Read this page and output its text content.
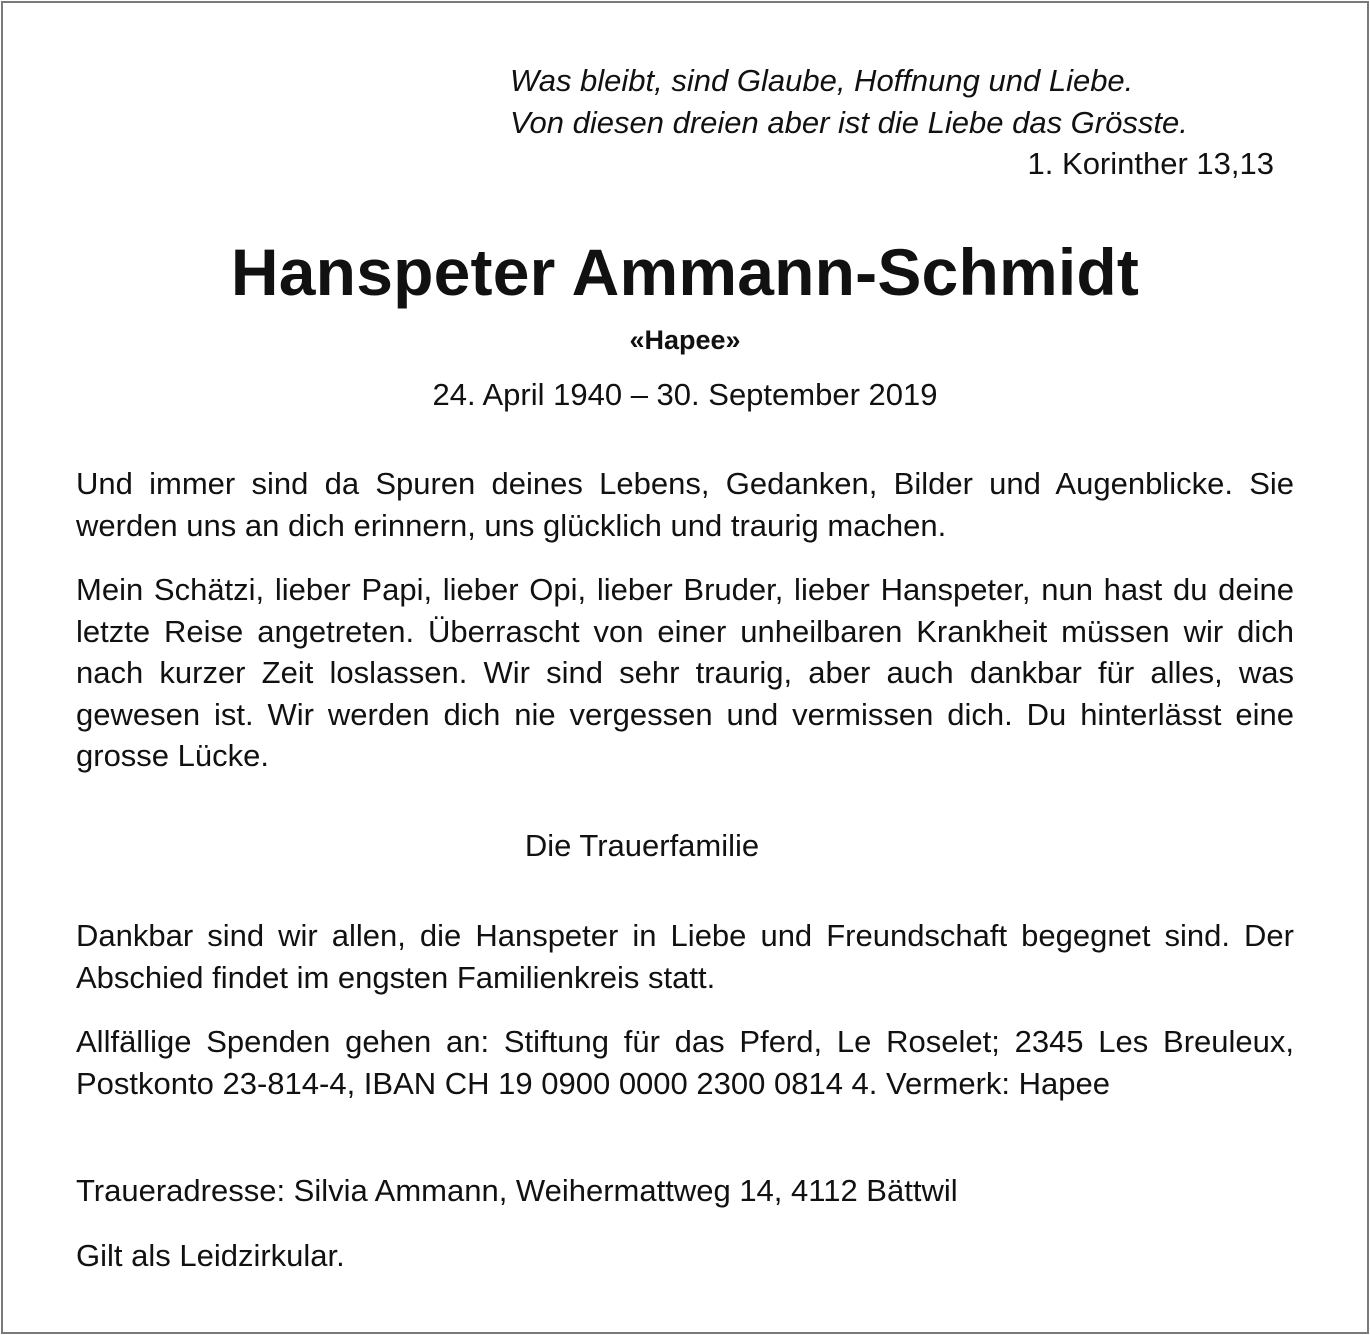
Was bleibt, sind Glaube, Hoffnung und Liebe.
Von diesen dreien aber ist die Liebe das Grösste.
1. Korinther 13,13
Hanspeter Ammann-Schmidt
«Hapee»
24. April 1940 – 30. September 2019
Und immer sind da Spuren deines Lebens, Gedanken, Bilder und Augenblicke. Sie werden uns an dich erinnern, uns glücklich und traurig machen.
Mein Schätzi, lieber Papi, lieber Opi, lieber Bruder, lieber Hanspeter, nun hast du deine letzte Reise angetreten. Überrascht von einer unheilbaren Krankheit müssen wir dich nach kurzer Zeit loslassen. Wir sind sehr traurig, aber auch dankbar für alles, was gewesen ist. Wir werden dich nie vergessen und vermissen dich. Du hinterlässt eine grosse Lücke.
Die Trauerfamilie
Dankbar sind wir allen, die Hanspeter in Liebe und Freundschaft begegnet sind. Der Abschied findet im engsten Familienkreis statt.
Allfällige Spenden gehen an: Stiftung für das Pferd, Le Roselet; 2345 Les Breuleux, Postkonto 23-814-4, IBAN CH 19 0900 0000 2300 0814 4. Vermerk: Hapee
Traueradresse: Silvia Ammann, Weihermattweg 14, 4112 Bättwil
Gilt als Leidzirkular.
